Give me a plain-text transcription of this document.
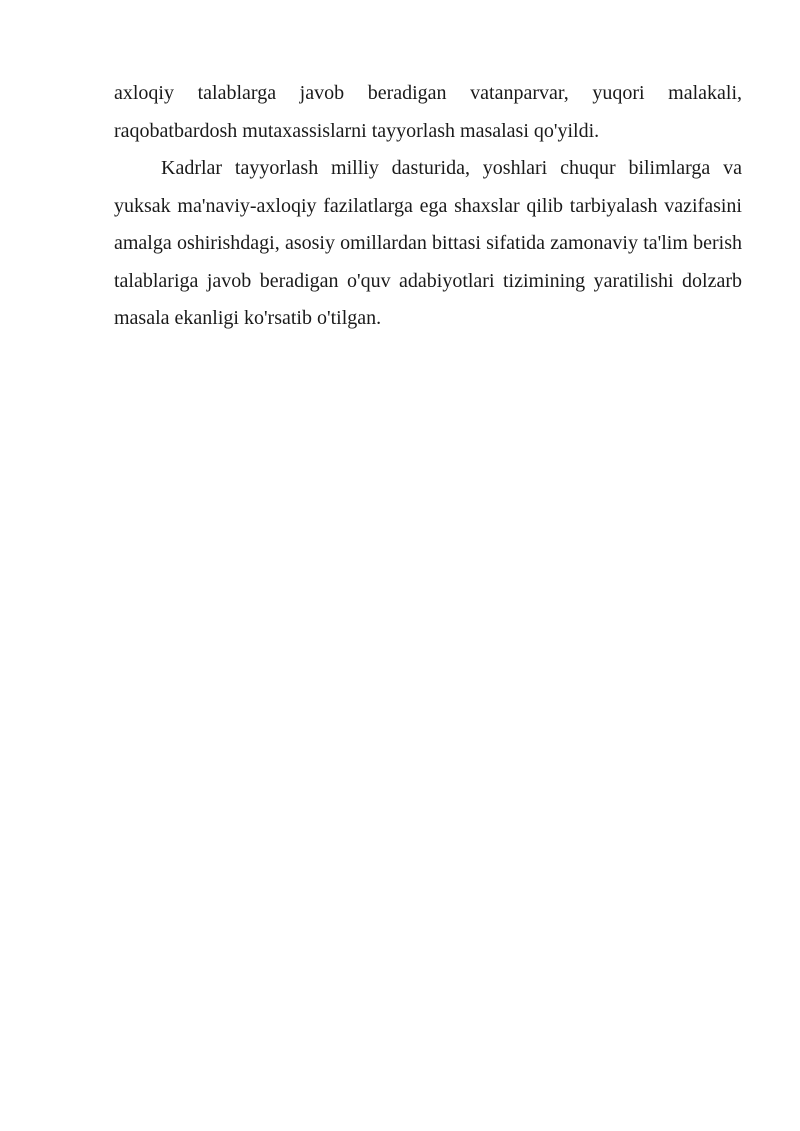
axloqiy talablarga javob beradigan vatanparvar, yuqori malakali, raqobatbardosh mutaxassislarni tayyorlash masalasi qo'yildi.

Kadrlar tayyorlash milliy dasturida, yoshlari chuqur bilimlarga va yuksak ma'naviy-axloqiy fazilatlarga ega shaxslar qilib tarbiyalash vazifasini amalga oshirishdagi, asosiy omillardan bittasi sifatida zamonaviy ta'lim berish talablariga javob beradigan o'quv adabiyotlari tizimining yaratilishi dolzarb masala ekanligi ko'rsatib o'tilgan.
